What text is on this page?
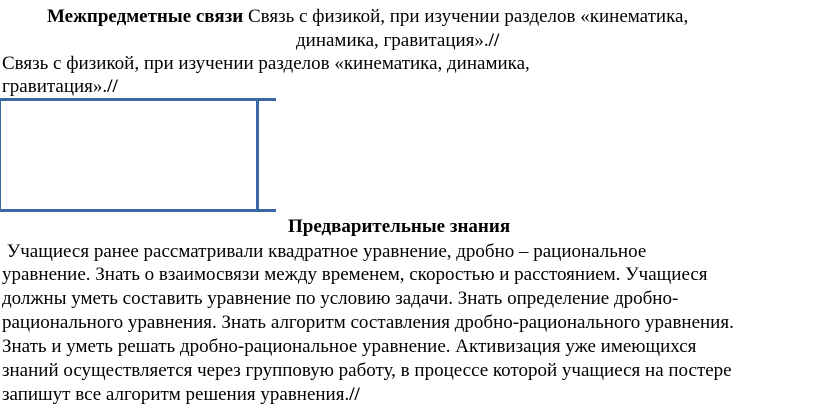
Межпредметные связи Связь с физикой, при изучении разделов «кинематика,
динамика, гравитация».//
Связь с физикой, при изучении разделов «кинематика, динамика,
гравитация».//
Предварительные знания
Учащиеся ранее рассматривали квадратное уравнение, дробно – рациональное
уравнение. Знать о взаимосвязи между временем, скоростью и расстоянием. Учащиеся
должны уметь составить уравнение по условию задачи. Знать определение дробно-
рационального уравнения. Знать алгоритм составления дробно-рационального уравнения.
Знать и уметь решать дробно-рациональное уравнение. Активизация уже имеющихся
знаний осуществляется через групповую работу, в процессе которой учащиеся на постере
запишут все алгоритм решения уравнения.//
